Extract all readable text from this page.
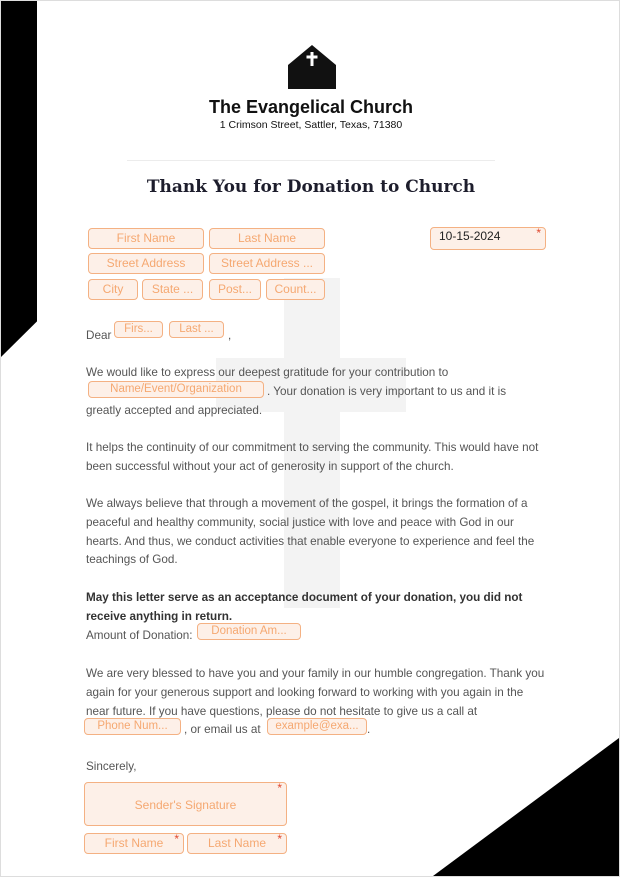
The Evangelical Church
1 Crimson Street, Sattler, Texas, 71380
Thank You for Donation to Church
First Name	Last Name
Street Address	Street Address ...
City	State ...	Post...	Count...
10-15-2024	*
Dear	Firs...	Last ...	,
We would like to express our deepest gratitude for your contribution to
Name/Event/Organization	. Your donation is very important to us and it is
greatly accepted and appreciated.
It helps the continuity of our commitment to serving the community. This would have not been successful without your act of generosity in support of the church.
We always believe that through a movement of the gospel, it brings the formation of a peaceful and healthy community, social justice with love and peace with God in our hearts. And thus, we conduct activities that enable everyone to experience and feel the teachings of God.
May this letter serve as an acceptance document of your donation, you did not receive anything in return.
Amount of Donation:	Donation Am...
We are very blessed to have you and your family in our humble congregation. Thank you again for your generous support and looking forward to working with you again in the near future. If you have questions, please do not hesitate to give us a call at
Phone Num...	, or email us at	example@exa... .
Sincerely,
Sender's Signature
*
First Name *	Last Name *
